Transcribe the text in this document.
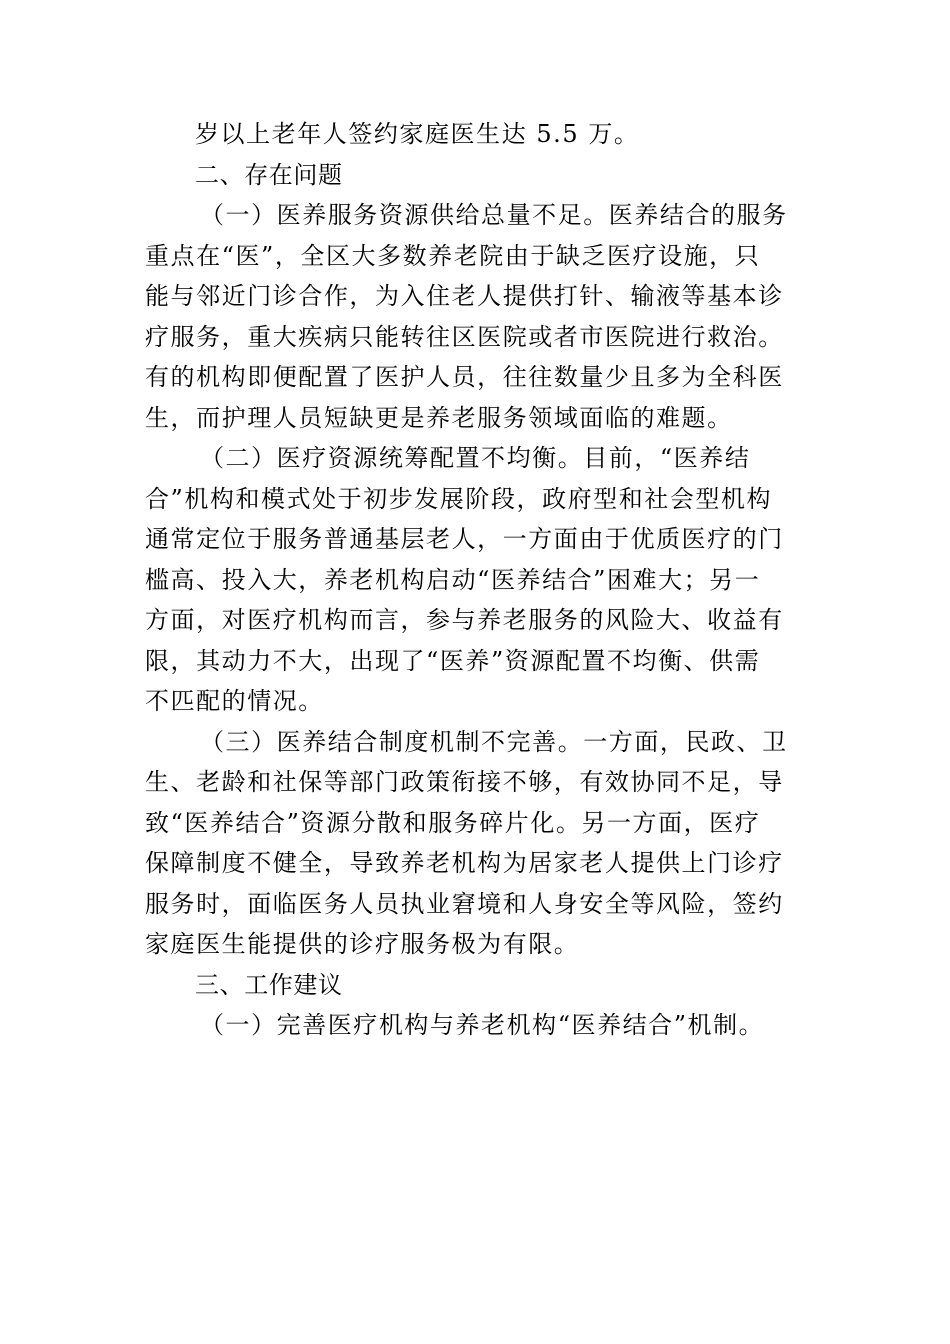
岁以上老年人签约家庭医生达 5.5 万。
二、存在问题
（一）医养服务资源供给总量不足。医养结合的服务
重点在“医”，全区大多数养老院由于缺乏医疗设施，只
能与邻近门诊合作，为入住老人提供打针、输液等基本诊
疗服务，重大疾病只能转往区医院或者市医院进行救治。
有的机构即便配置了医护人员，往往数量少且多为全科医
生，而护理人员短缺更是养老服务领域面临的难题。
（二）医疗资源统筹配置不均衡。目前，“医养结
合”机构和模式处于初步发展阶段，政府型和社会型机构
通常定位于服务普通基层老人，一方面由于优质医疗的门
槛高、投入大，养老机构启动“医养结合”困难大；另一
方面，对医疗机构而言，参与养老服务的风险大、收益有
限，其动力不大，出现了“医养”资源配置不均衡、供需
不匹配的情况。
（三）医养结合制度机制不完善。一方面，民政、卫
生、老龄和社保等部门政策衔接不够，有效协同不足，导
致“医养结合”资源分散和服务碎片化。另一方面，医疗
保障制度不健全，导致养老机构为居家老人提供上门诊疗
服务时，面临医务人员执业窘境和人身安全等风险，签约
家庭医生能提供的诊疗服务极为有限。
三、工作建议
（一）完善医疗机构与养老机构“医养结合”机制。
